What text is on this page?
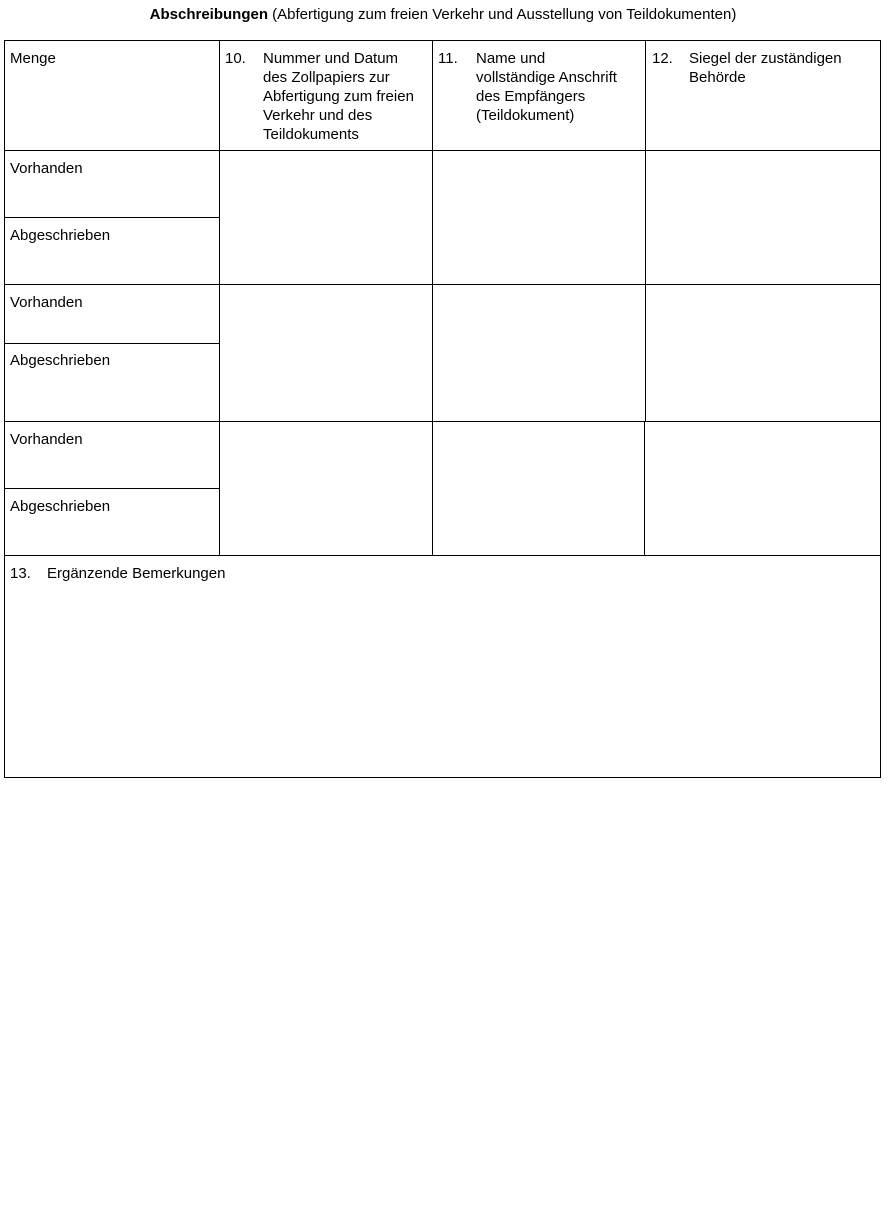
Abschreibungen (Abfertigung zum freien Verkehr und Ausstellung von Teildokumenten)
Menge	10. Nummer und Datum
des Zollpapiers zur
Abfertigung zum freien
Verkehr und des
Teildokuments
11. Name und
vollständige Anschrift
des Empfängers
(Teildokument)
12. Siegel der zuständigen
Behörde
Vorhanden
Abgeschrieben
Vorhanden
Abgeschrieben
Vorhanden
Abgeschrieben
13. Ergänzende Bemerkungen
